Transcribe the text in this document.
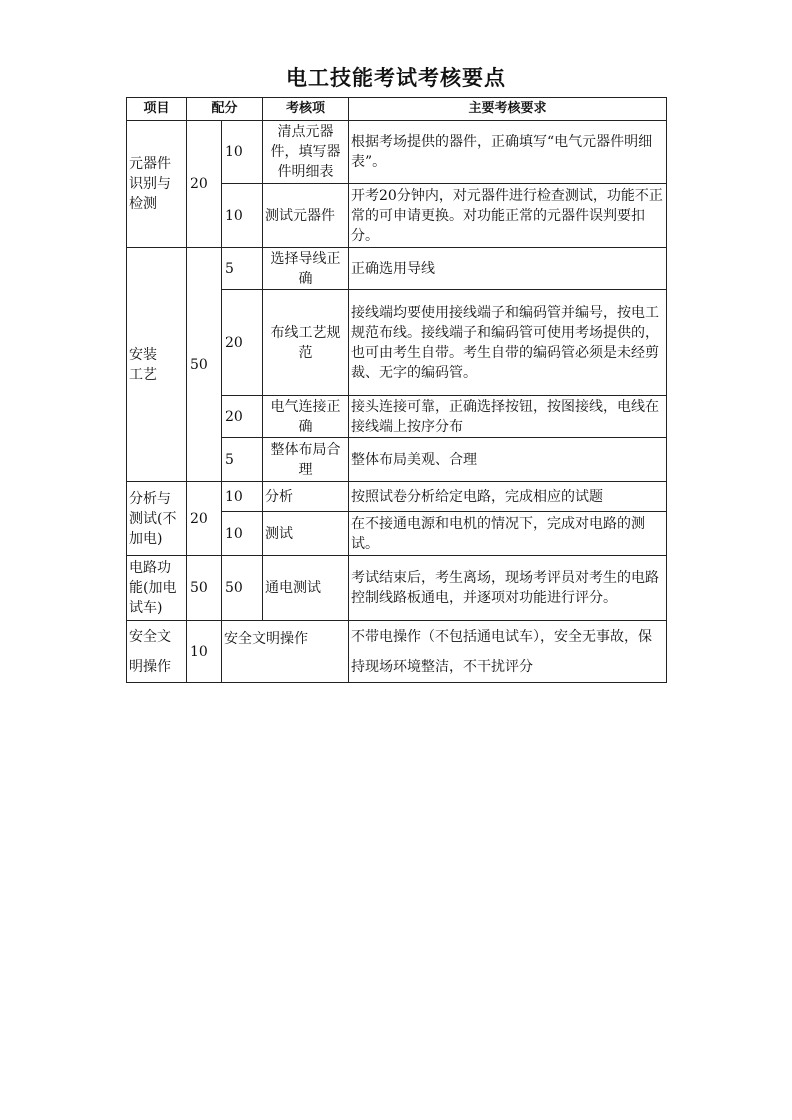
电工技能考试考核要点
项目	配分		考核项	主要考核要求
元器件识别与检测	20	10	清点元器件，填写器件明细表	根据考场提供的器件，正确填写“电气元器件明细表”。
		10	测试元器件	开考20分钟内，对元器件进行检查测试，功能不正常的可申请更换。对功能正常的元器件误判要扣分。
安装工艺	50	5	选择导线正确	正确选用导线
		20	布线工艺规范	接线端均要使用接线端子和编码管并编号，按电工规范布线。接线端子和编码管可使用考场提供的，也可由考生自带。考生自带的编码管必须是未经剪裁、无字的编码管。
		20	电气连接正确	接头连接可靠，正确选择按钮，按图接线，电线在接线端上按序分布
		5	整体布局合理	整体布局美观、合理
分析与测试(不加电)	20	10	分析	按照试卷分析给定电路，完成相应的试题
		10	测试	在不接通电源和电机的情况下，完成对电路的测试。
电路功能(加电试车)	50	50	通电测试	考试结束后，考生离场，现场考评员对考生的电路控制线路板通电，并逐项对功能进行评分。
安全文明操作	10	安全文明操作		不带电操作（不包括通电试车），安全无事故，保持现场环境整洁，不干扰评分
